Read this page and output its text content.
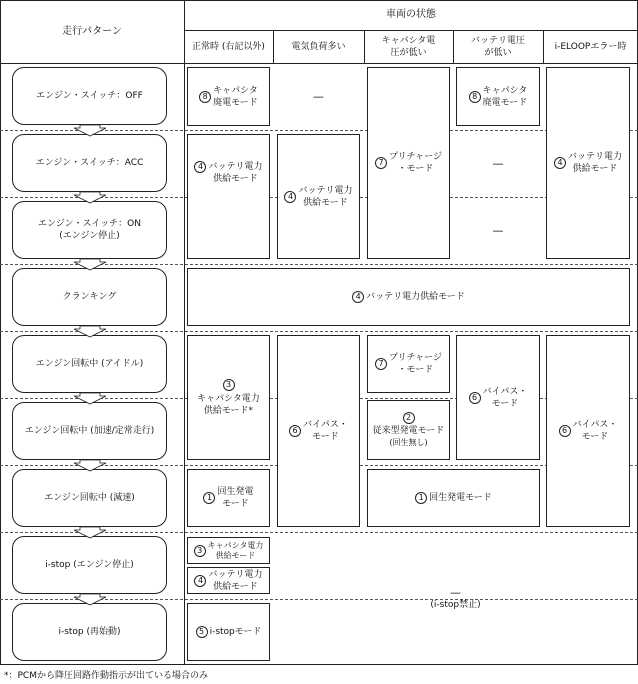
走行パターン
車両の状態
正常時 (右記以外)	電気負荷多い
キャパシタ電圧が低い
バッテリ電圧が低い
i-ELOOPエラー時
エンジン・スイッチ：OFF
エンジン・スイッチ：ACC
エンジン・スイッチ：ON
(エンジン停止)
クランキング
エンジン回転中 (アイドル)
エンジン回転中 (加速/定常走行)
エンジン回転中 (減速)
i-stop (エンジン停止)
i-stop (再始動)
8
キャパシタ
廃電モード
4 バッテリ電力
供給モード
3
キャパシタ電力
供給モード*
1
回生発電
モード
3
キャパシタ電力
供給モード
4
バッテリ電力
供給モード
5 i-stopモード
—
4
バッテリ電力
供給モード
6
バイパス・
モード
7
プリチャージ
・モード
7
プリチャージ
・モード
2
従来型発電モード
(回生無し)
8
キャパシタ
廃電モード
—
—
6
バイパス・
モード
4
バッテリ電力
供給モード
6
バイパス・
モード
4 バッテリ電力供給モード
1 回生発電モード
—
(i-stop禁止)
*：PCMから降圧回路作動指示が出ている場合のみ
